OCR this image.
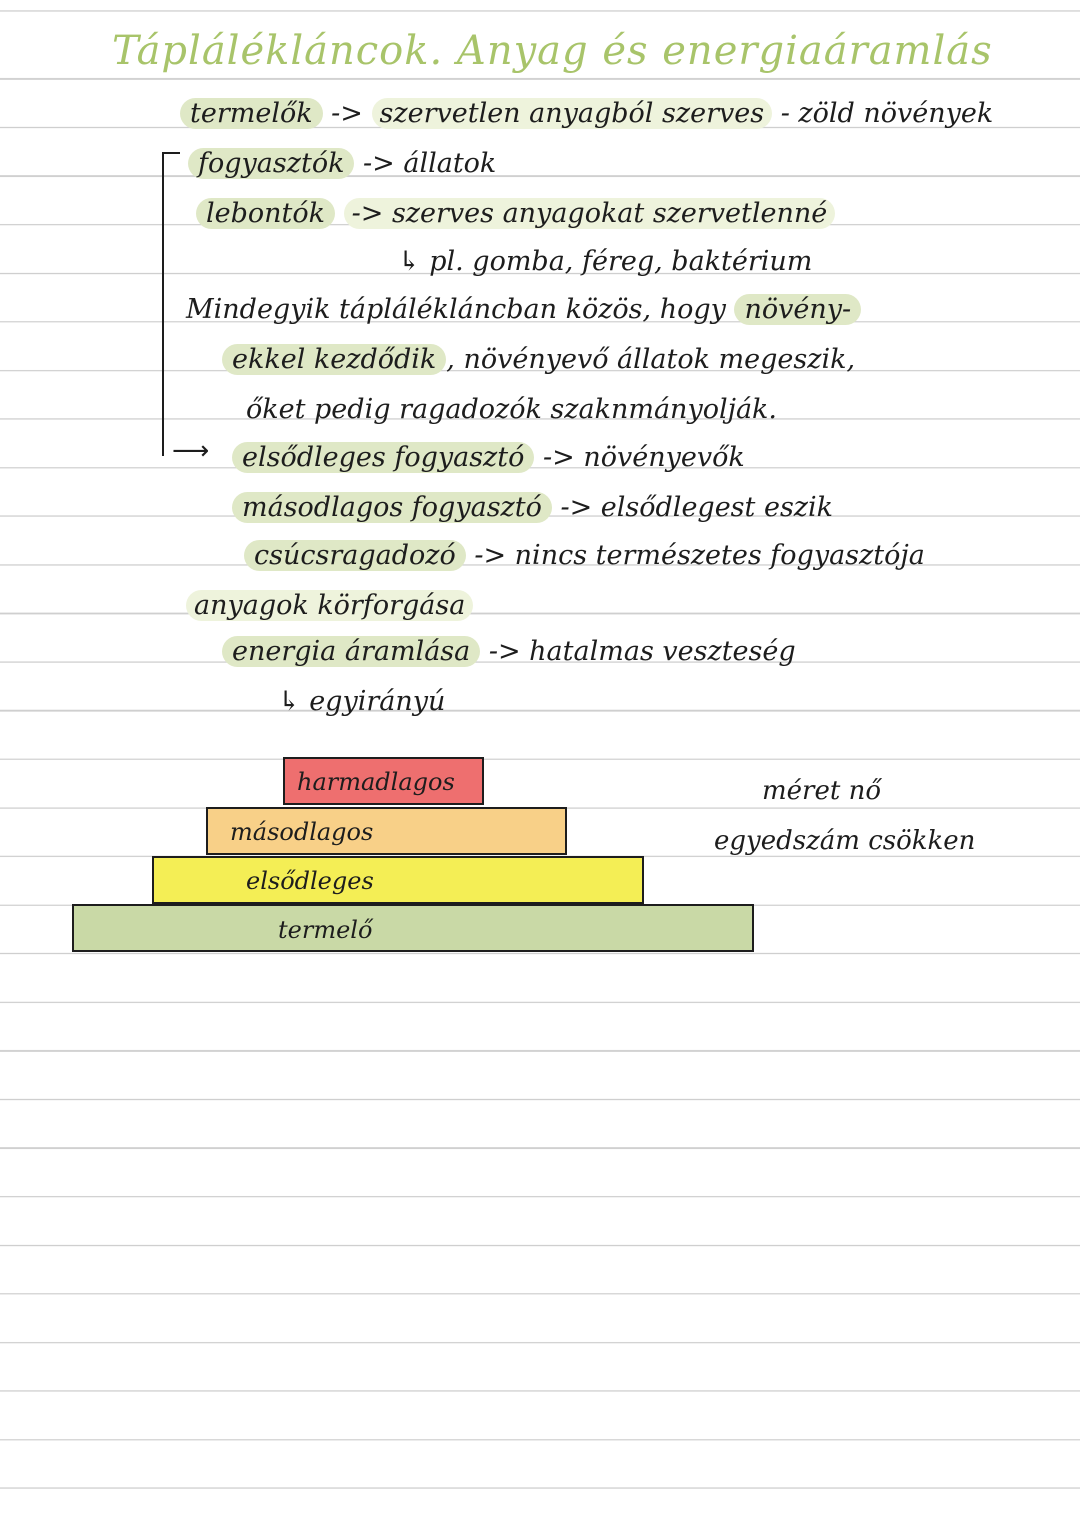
Táplálékláncok. Anyag és energiaáramlás
termelők -> szervetlen anyagból szerves - zöld növények
⟶
fogyasztók -> állatok
lebontók -> szerves anyagokat szervetlenné
↳ pl. gomba, féreg, baktérium
Mindegyik táplálékláncban közös, hogy növény-
ekkel kezdődik , növényevő állatok megeszik,
őket pedig ragadozók szaknmányolják.
elsődleges fogyasztó -> növényevők
másodlagos fogyasztó -> elsődlegest eszik
csúcsragadozó -> nincs természetes fogyasztója
anyagok körforgása
energia áramlása -> hatalmas veszteség
↳ egyirányú
harmadlagos
másodlagos
elsődleges
termelő
méret nő
egyedszám csökken
